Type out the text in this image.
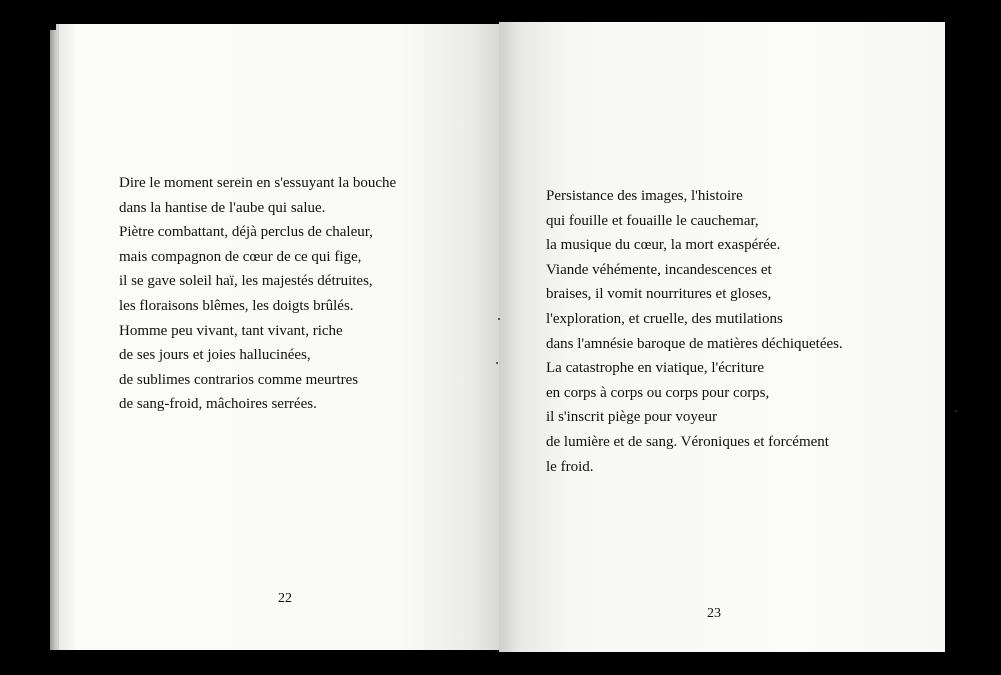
Dire le moment serein en s'essuyant la bouche
dans la hantise de l'aube qui salue.
Piètre combattant, déjà perclus de chaleur,
mais compagnon de cœur de ce qui fige,
il se gave soleil haï, les majestés détruites,
les floraisons blêmes, les doigts brûlés.
Homme peu vivant, tant vivant, riche
de ses jours et joies hallucinées,
de sublimes contrarios comme meurtres
de sang-froid, mâchoires serrées.
22
Persistance des images, l'histoire
qui fouille et fouaille le cauchemar,
la musique du cœur, la mort exaspérée.
Viande véhémente, incandescences et
braises, il vomit nourritures et gloses,
l'exploration, et cruelle, des mutilations
dans l'amnésie baroque de matières déchiquetées.
La catastrophe en viatique, l'écriture
en corps à corps ou corps pour corps,
il s'inscrit piège pour voyeur
de lumière et de sang. Véroniques et forcément
le froid.
23
